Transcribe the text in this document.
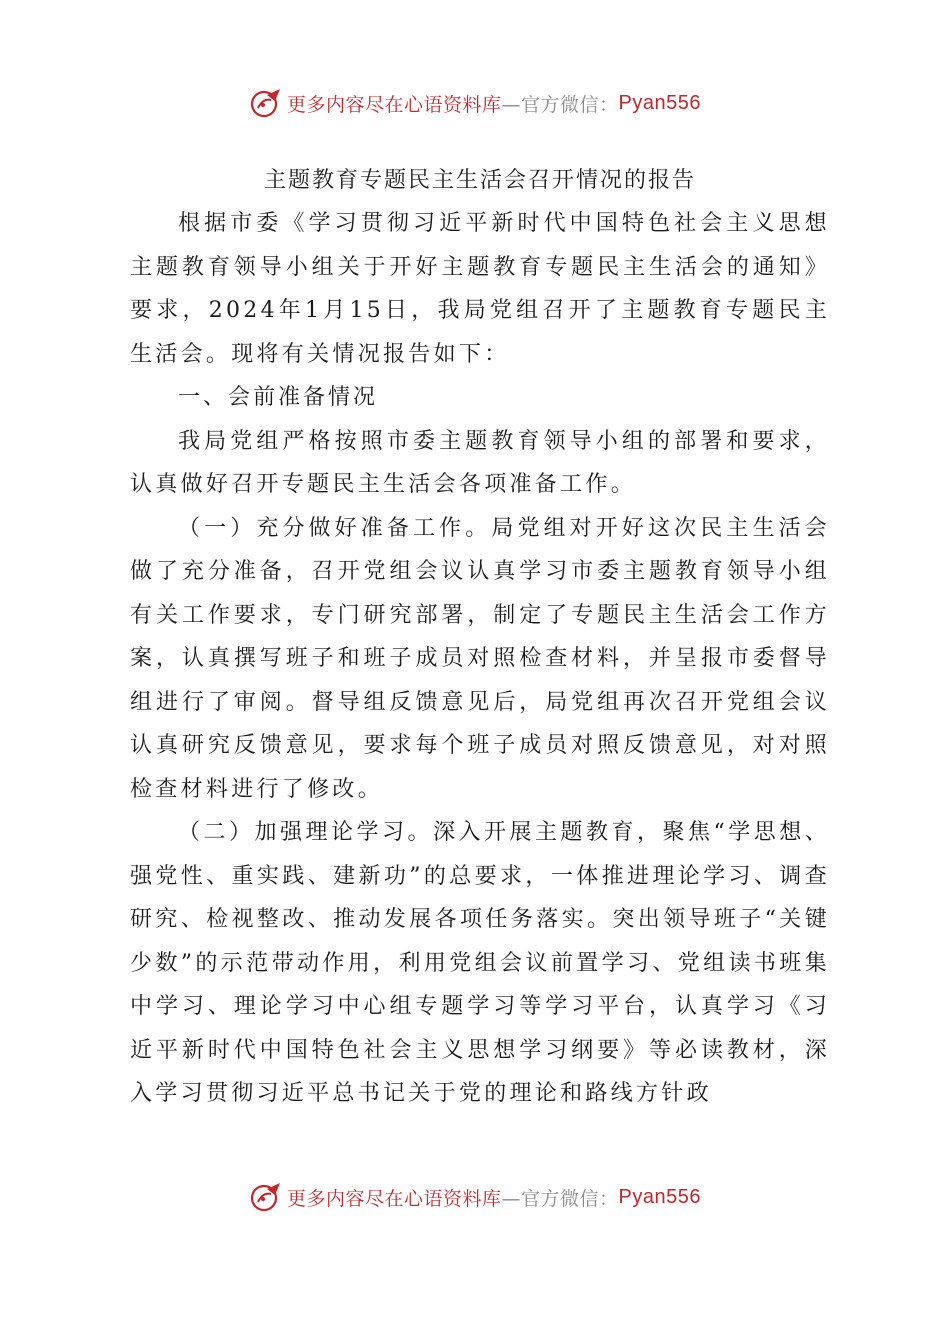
更多内容尽在心语资料库 —官方微信： Pyan556
主题教育专题民主生活会召开情况的报告

根据市委《学习贯彻习近平新时代中国特色社会主义思想主题教育领导小组关于开好主题教育专题民主生活会的通知》要求，2024年1月15日，我局党组召开了主题教育专题民主生活会。现将有关情况报告如下：

一、会前准备情况

我局党组严格按照市委主题教育领导小组的部署和要求，认真做好召开专题民主生活会各项准备工作。

（一）充分做好准备工作。局党组对开好这次民主生活会做了充分准备，召开党组会议认真学习市委主题教育领导小组有关工作要求，专门研究部署，制定了专题民主生活会工作方案，认真撰写班子和班子成员对照检查材料，并呈报市委督导组进行了审阅。督导组反馈意见后，局党组再次召开党组会议认真研究反馈意见，要求每个班子成员对照反馈意见，对对照检查材料进行了修改。

（二）加强理论学习。深入开展主题教育，聚焦“学思想、强党性、重实践、建新功”的总要求，一体推进理论学习、调查研究、检视整改、推动发展各项任务落实。突出领导班子“关键少数”的示范带动作用，利用党组会议前置学习、党组读书班集中学习、理论学习中心组专题学习等学习平台，认真学习《习近平新时代中国特色社会主义思想学习纲要》等必读教材，深入学习贯彻习近平总书记关于党的理论和路线方针政

更多内容尽在心语资料库 —官方微信： Pyan556
